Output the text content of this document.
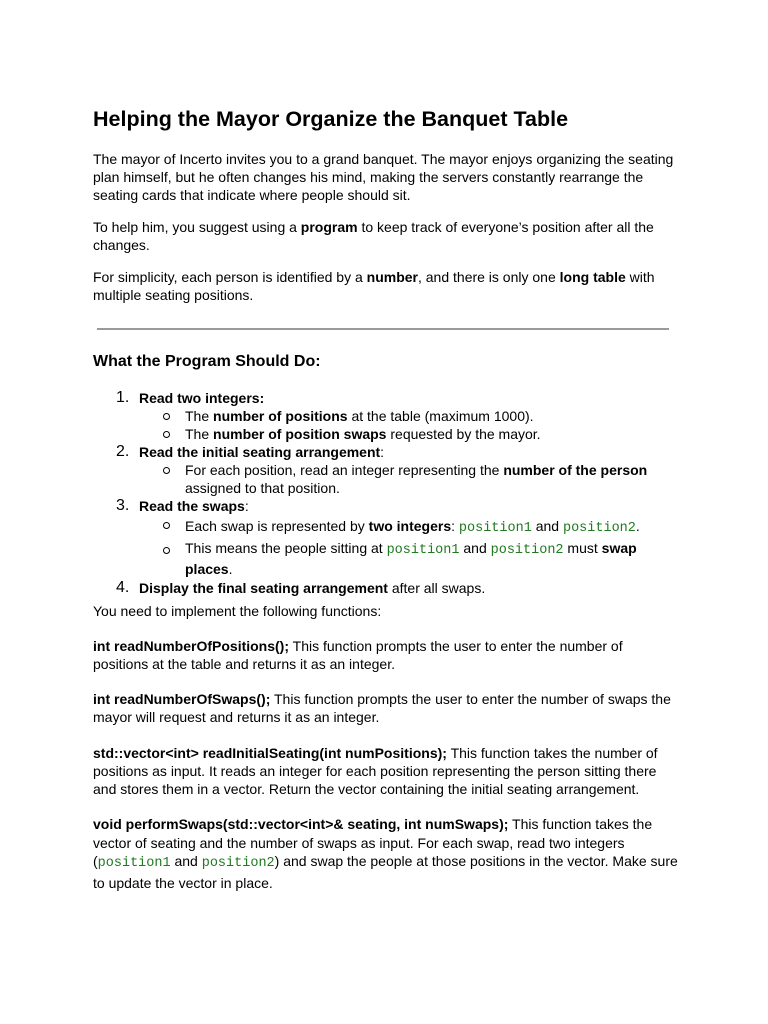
Helping the Mayor Organize the Banquet Table

The mayor of Incerto invites you to a grand banquet. The mayor enjoys organizing the seating plan himself, but he often changes his mind, making the servers constantly rearrange the seating cards that indicate where people should sit.

To help him, you suggest using a program to keep track of everyone’s position after all the changes.

For simplicity, each person is identified by a number, and there is only one long table with multiple seating positions.

What the Program Should Do:
1. Read two integers:

The number of positions at the table (maximum 1000).

The number of position swaps requested by the mayor.

2. Read the initial seating arrangement:

For each position, read an integer representing the number of the person assigned to that position.

3. Read the swaps:

Each swap is represented by two integers: position1 and position2.

This means the people sitting at position1 and position2 must swap places.

4. Display the final seating arrangement after all swaps.

You need to implement the following functions:

int readNumberOfPositions(); This function prompts the user to enter the number of positions at the table and returns it as an integer.

int readNumberOfSwaps(); This function prompts the user to enter the number of swaps the mayor will request and returns it as an integer.

std::vector<int> readInitialSeating(int numPositions); This function takes the number of positions as input. It reads an integer for each position representing the person sitting there and stores them in a vector. Return the vector containing the initial seating arrangement.

void performSwaps(std::vector<int>& seating, int numSwaps); This function takes the vector of seating and the number of swaps as input. For each swap, read two integers (position1 and position2) and swap the people at those positions in the vector. Make sure to update the vector in place.
